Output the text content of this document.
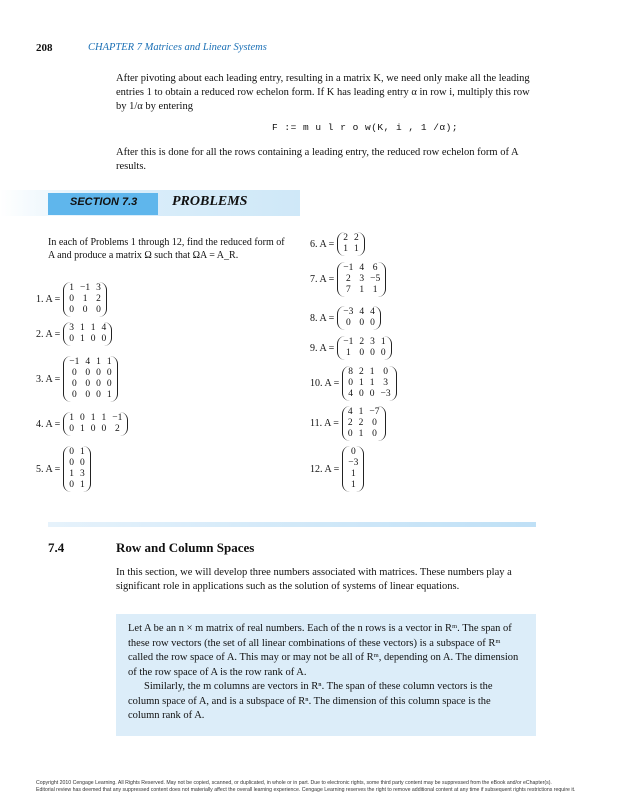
208	CHAPTER 7 Matrices and Linear Systems
After pivoting about each leading entry, resulting in a matrix K, we need only make all the leading entries 1 to obtain a reduced row echelon form. If K has leading entry α in row i, multiply this row by 1/α by entering
F := m u l r o w(K, i , 1 /α);
After this is done for all the rows containing a leading entry, the reduced row echelon form of A results.
SECTION 7.3 PROBLEMS
In each of Problems 1 through 12, find the reduced form of A and produce a matrix Ω such that ΩA = A_R.
1. A =
1	−1	3
0	1	2
0	0	0
2. A =
3	1	1	4
0	1	0	0
3. A =
−1	4	1	1
0	0	0	0
0	0	0	0
0	0	0	1
4. A =
1	0	1	1	−1
0	1	0	0	2
5. A =
0	1
0	0
1	3
0	1
6. A =
2	2
1	1
7. A =
−1	4	6
2	3	−5
7	1	1
8. A =
−3	4	4
0	0	0
9. A =
−1	2	3	1
1	0	0	0
10. A =
8	2	1	0
0	1	1	3
4	0	0	−3
11. A =
4	1	−7
2	2	0
0	1	0
12. A =
0
−3
1
1
7.4	Row and Column Spaces
In this section, we will develop three numbers associated with matrices. These numbers play a significant role in applications such as the solution of systems of linear equations.

Let A be an n × m matrix of real numbers. Each of the n rows is a vector in Rᵐ. The span of these row vectors (the set of all linear combinations of these vectors) is a subspace of Rᵐ called the row space of A. This may or may not be all of Rᵐ, depending on A. The dimension of the row space of A is the row rank of A.

Similarly, the m columns are vectors in Rⁿ. The span of these column vectors is the column space of A, and is a subspace of Rⁿ. The dimension of this column space is the column rank of A.

Copyright 2010 Cengage Learning. All Rights Reserved. May not be copied, scanned, or duplicated, in whole or in part. Due to electronic rights, some third party content may be suppressed from the eBook and/or eChapter(s).
Editorial review has deemed that any suppressed content does not materially affect the overall learning experience. Cengage Learning reserves the right to remove additional content at any time if subsequent rights restrictions require it.
